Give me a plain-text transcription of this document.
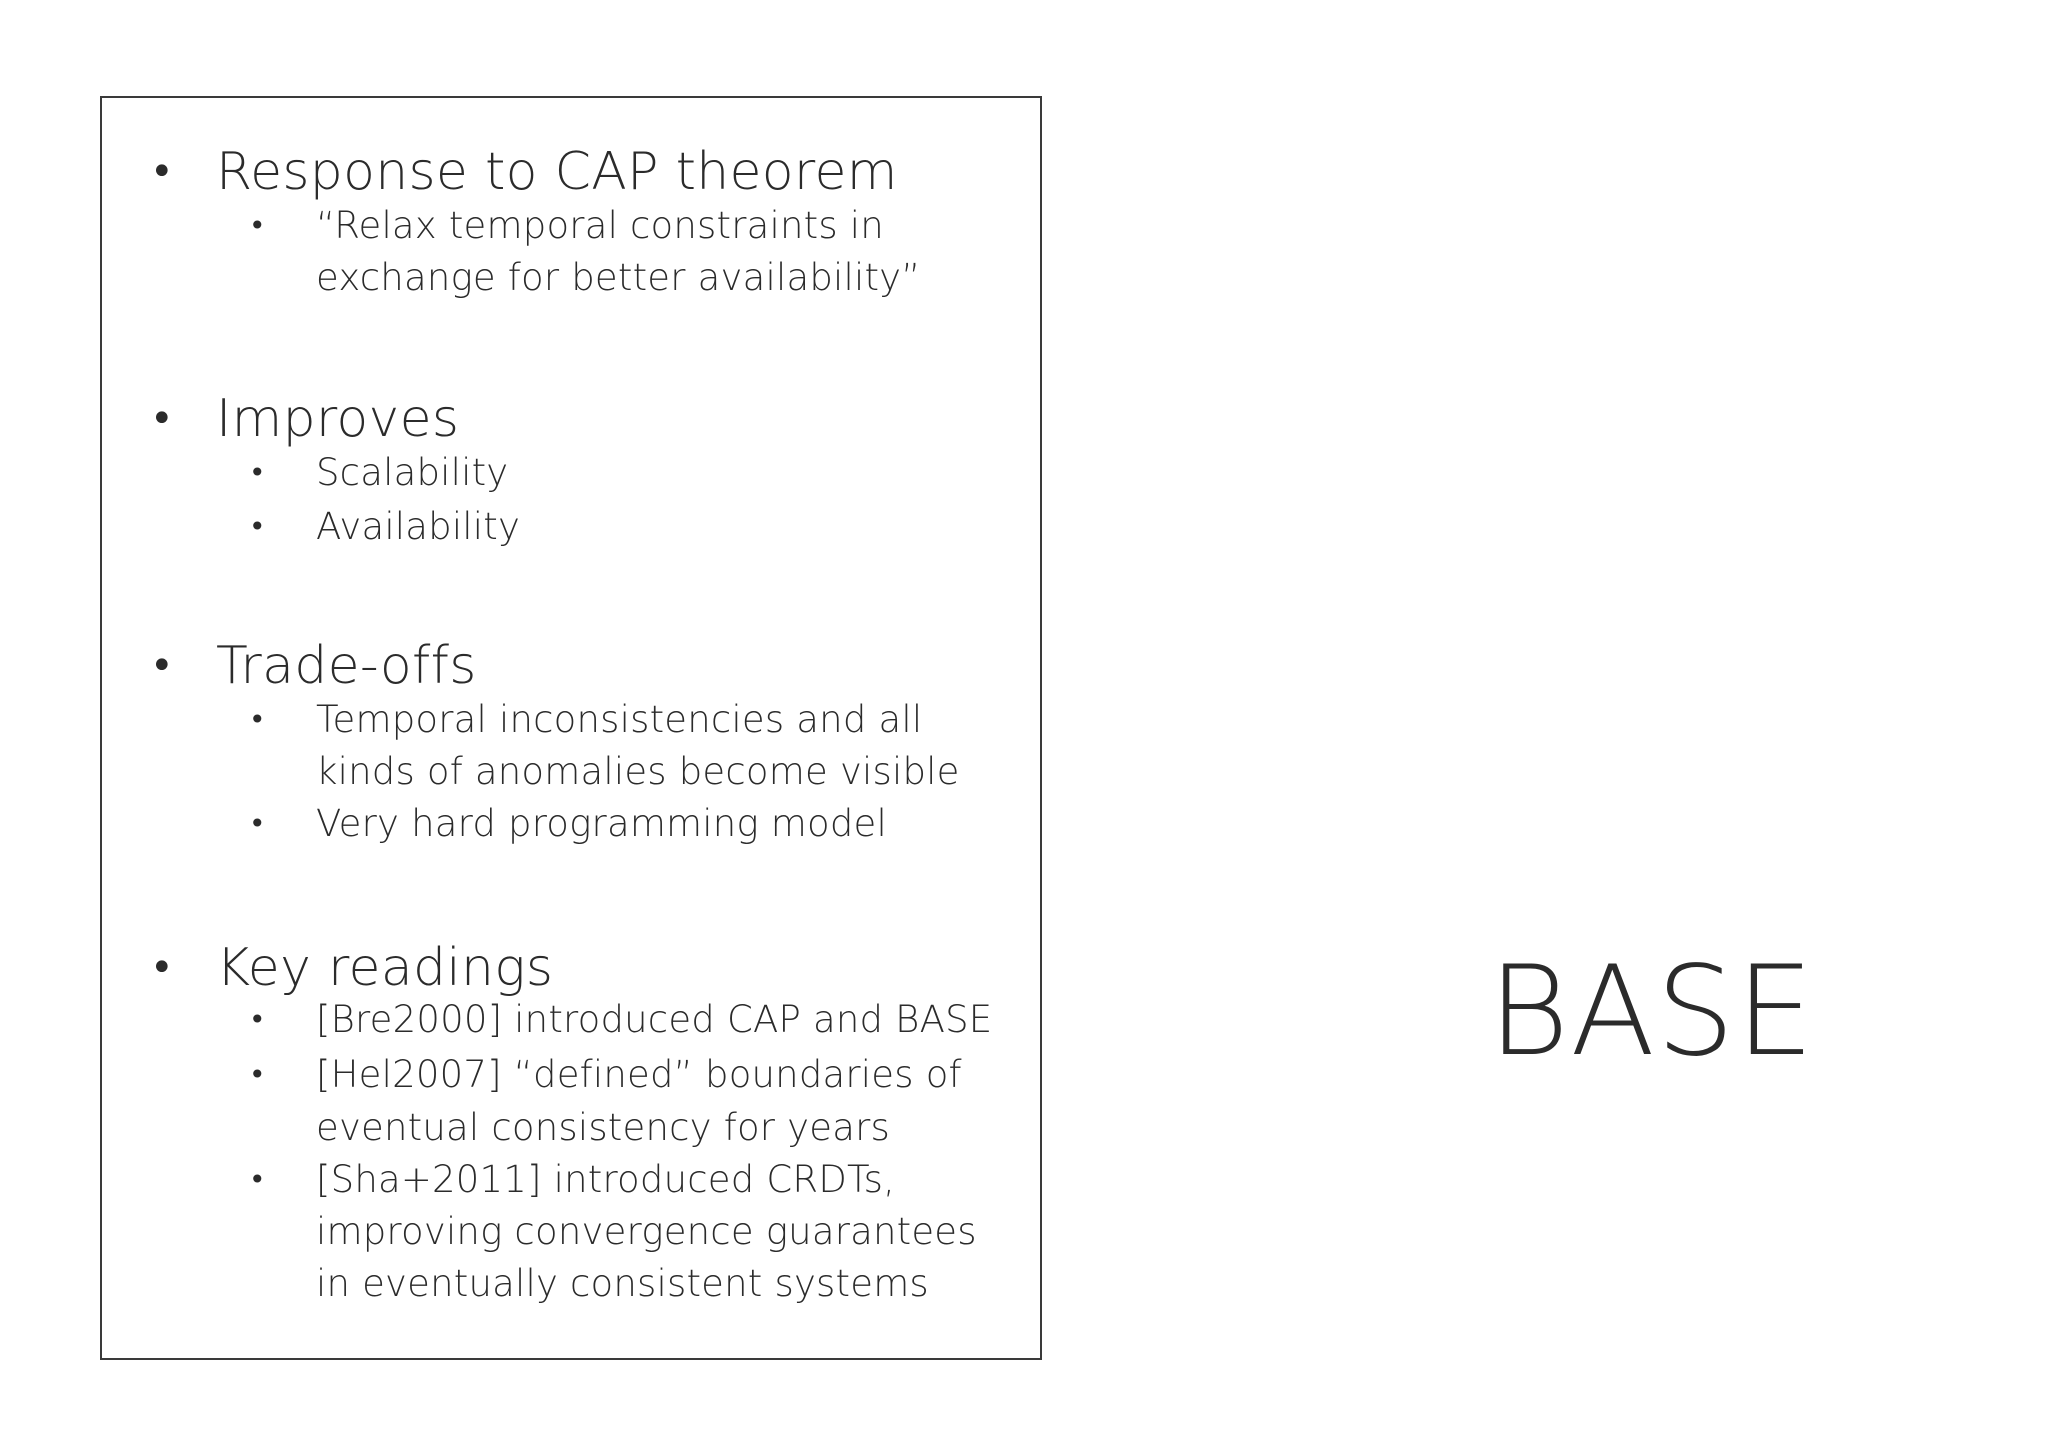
• Response to CAP theorem
• “Relax temporal constraints in
exchange for better availability”
• Improves
• Scalability
• Availability
• Trade-offs
• Temporal inconsistencies and all
kinds of anomalies become visible
• Very hard programming model
• Key readings
• [Bre2000] introduced CAP and BASE
• [Hel2007] “defined” boundaries of
eventual consistency for years
• [Sha+2011] introduced CRDTs,
improving convergence guarantees
in eventually consistent systems
BASE
